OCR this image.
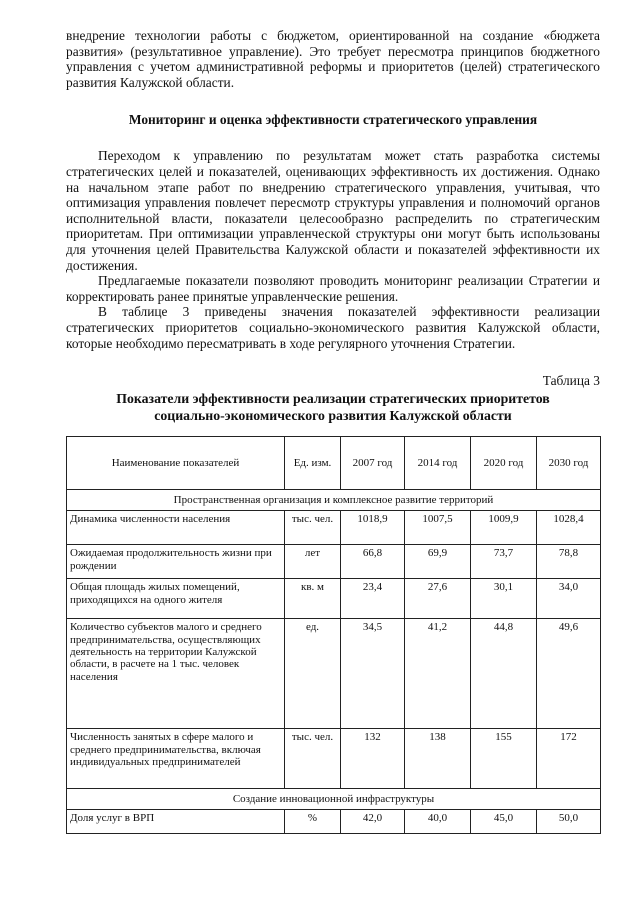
внедрение технологии работы с бюджетом, ориентированной на создание «бюджета развития» (результативное управление). Это требует пересмотра принципов бюджетного управления с учетом административной реформы и приоритетов (целей) стратегического развития Калужской области.

Мониторинг и оценка эффективности стратегического управления

Переходом к управлению по результатам может стать разработка системы стратегических целей и показателей, оценивающих эффективность их достижения. Однако на начальном этапе работ по внедрению стратегического управления, учитывая, что оптимизация управления повлечет пересмотр структуры управления и полномочий органов исполнительной власти, показатели целесообразно распределить по стратегическим приоритетам. При оптимизации управленческой структуры они могут быть использованы для уточнения целей Правительства Калужской области и показателей эффективности их достижения.

Предлагаемые показатели позволяют проводить мониторинг реализации Стратегии и корректировать ранее принятые управленческие решения.

В таблице 3 приведены значения показателей эффективности реализации стратегических приоритетов социально-экономического развития Калужской области, которые необходимо пересматривать в ходе регулярного уточнения Стратегии.

Таблица 3
Показатели эффективности реализации стратегических приоритетов
социально-экономического развития Калужской области
Наименование показателей	Ед. изм.	2007 год	2014 год	2020 год	2030 год
Пространственная организация и комплексное развитие территорий					
Динамика численности населения	тыс. чел.	1018,9	1007,5	1009,9	1028,4
Ожидаемая продолжительность жизни при рождении	лет	66,8	69,9	73,7	78,8
Общая площадь жилых помещений, приходящихся на одного жителя	кв. м	23,4	27,6	30,1	34,0
Количество субъектов малого и среднего предпринимательства, осуществляющих деятельность на территории Калужской области, в расчете на 1 тыс. человек населения	ед.	34,5	41,2	44,8	49,6
Численность занятых в сфере малого и среднего предпринимательства, включая индивидуальных предпринимателей	тыс. чел.	132	138	155	172
Создание инновационной инфраструктуры					
Доля услуг в ВРП	%	42,0	40,0	45,0	50,0
